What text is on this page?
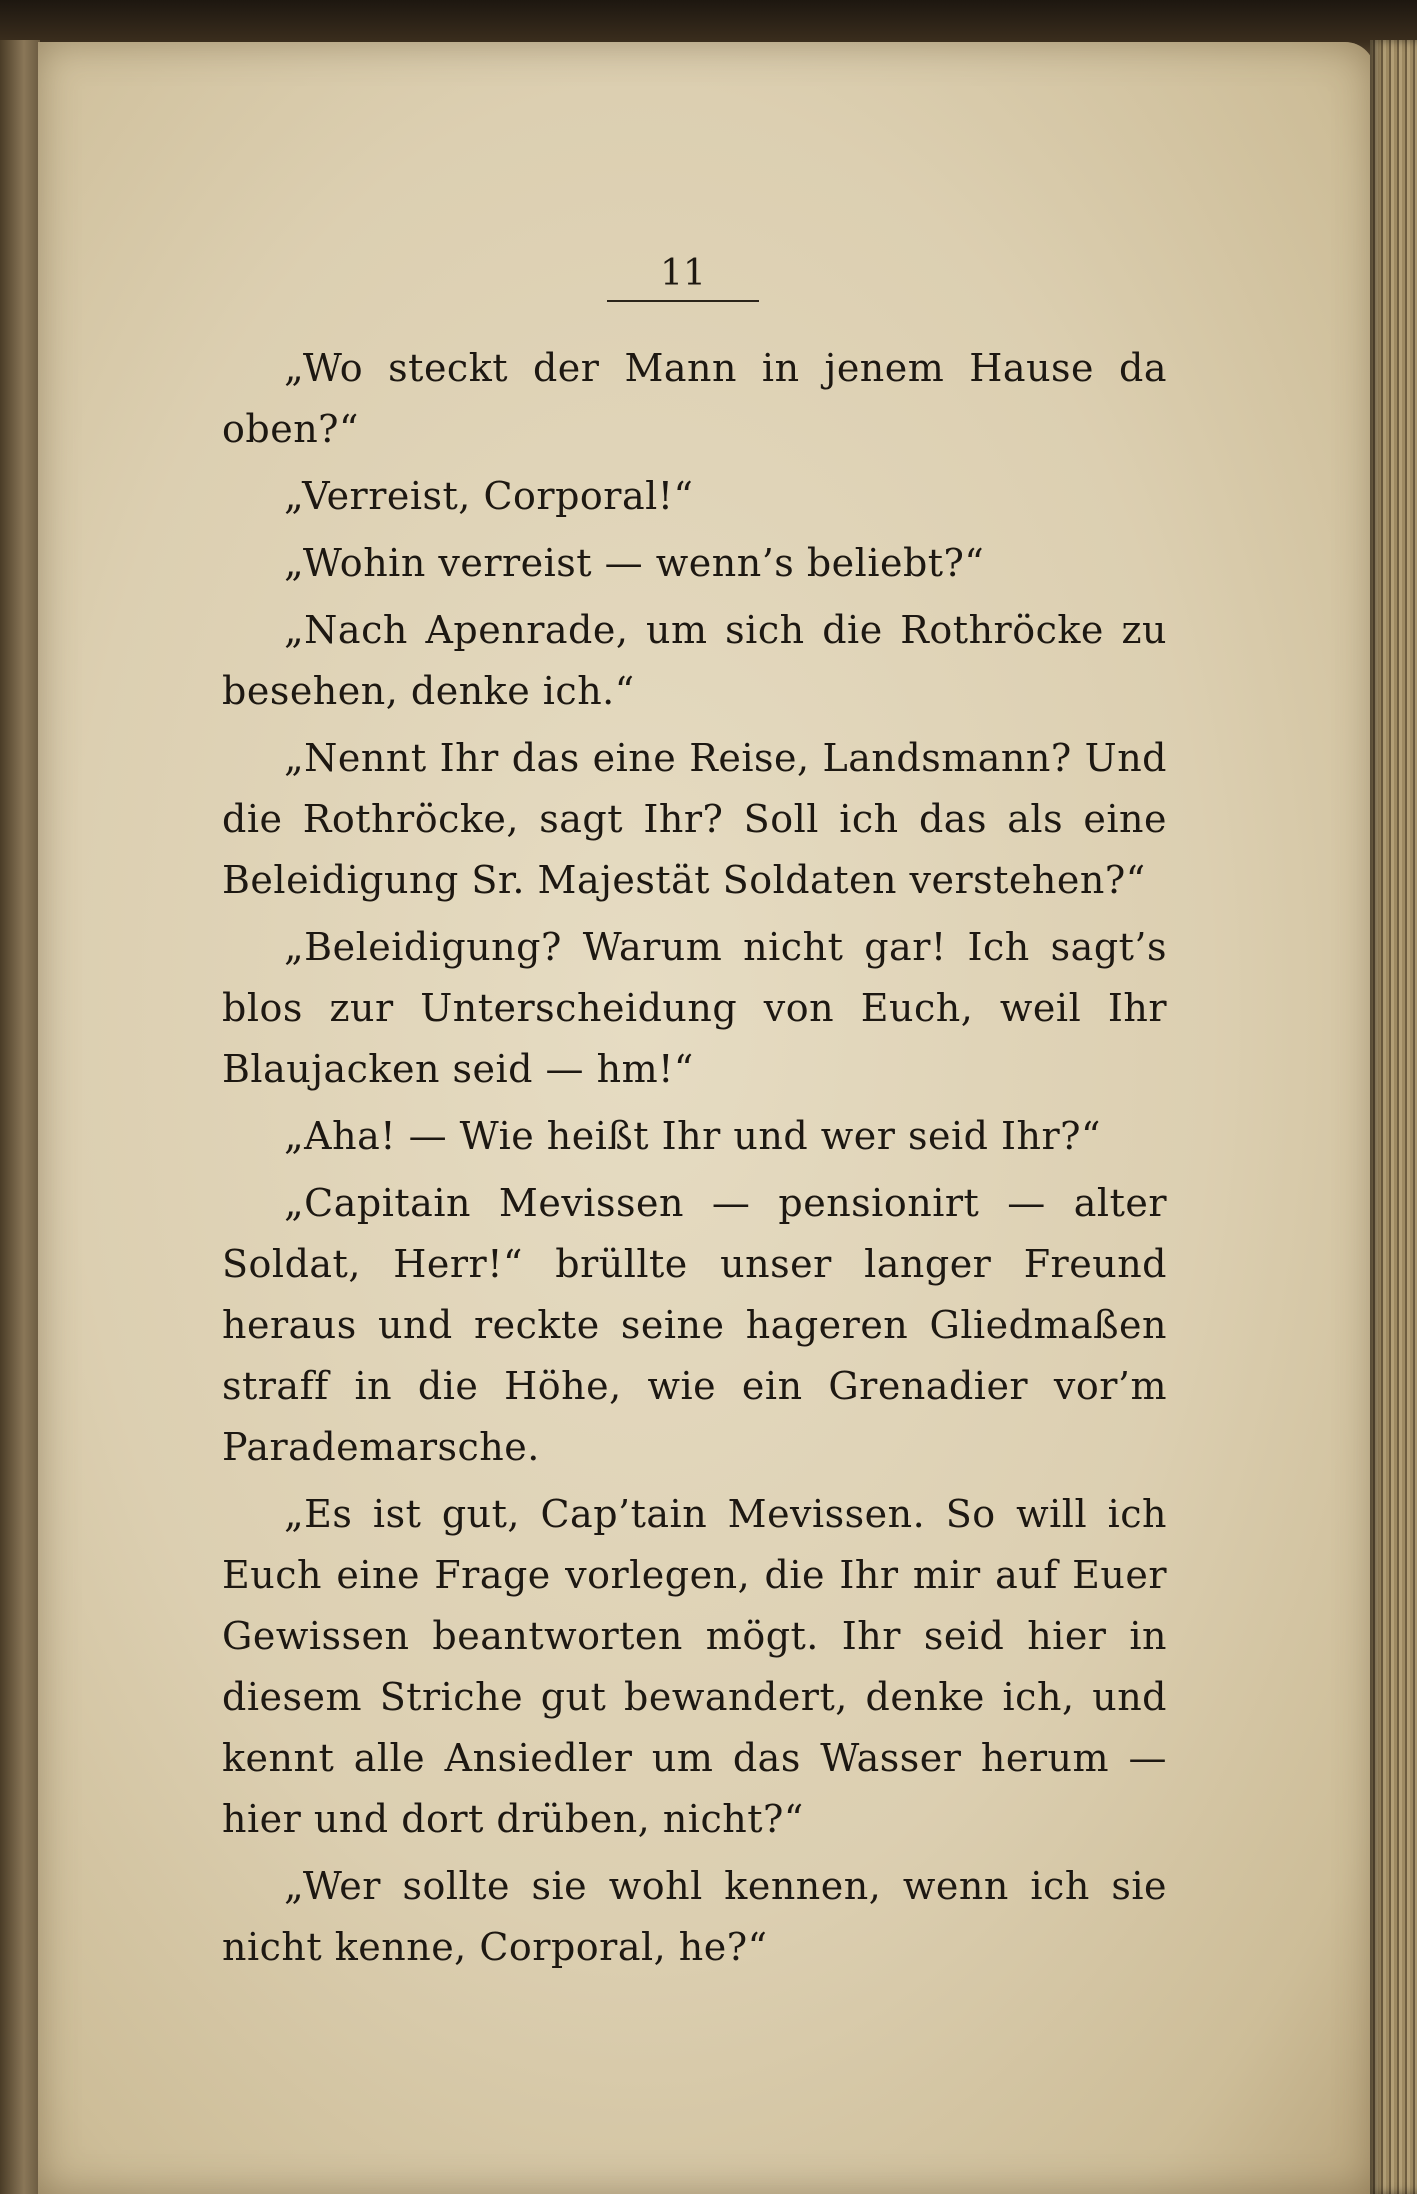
11

„Wo steckt der Mann in jenem Hause da oben?“

„Verreist, Corporal!“

„Wohin verreist — wenn’s beliebt?“

„Nach Apenrade, um sich die Rothröcke zu besehen, denke ich.“

„Nennt Ihr das eine Reise, Landsmann? Und die Rothröcke, sagt Ihr? Soll ich das als eine Beleidigung Sr. Majestät Soldaten verstehen?“

„Beleidigung? Warum nicht gar! Ich sagt’s blos zur Unterscheidung von Euch, weil Ihr Blaujacken seid — hm!“

„Aha! — Wie heißt Ihr und wer seid Ihr?“

„Capitain Mevissen — pensionirt — alter Soldat, Herr!“ brüllte unser langer Freund heraus und reckte seine hageren Gliedmaßen straff in die Höhe, wie ein Grenadier vor’m Parademarsche.

„Es ist gut, Cap’tain Mevissen. So will ich Euch eine Frage vorlegen, die Ihr mir auf Euer Gewissen beantworten mögt. Ihr seid hier in diesem Striche gut bewandert, denke ich, und kennt alle Ansiedler um das Wasser herum — hier und dort drüben, nicht?“

„Wer sollte sie wohl kennen, wenn ich sie nicht kenne, Corporal, he?“
